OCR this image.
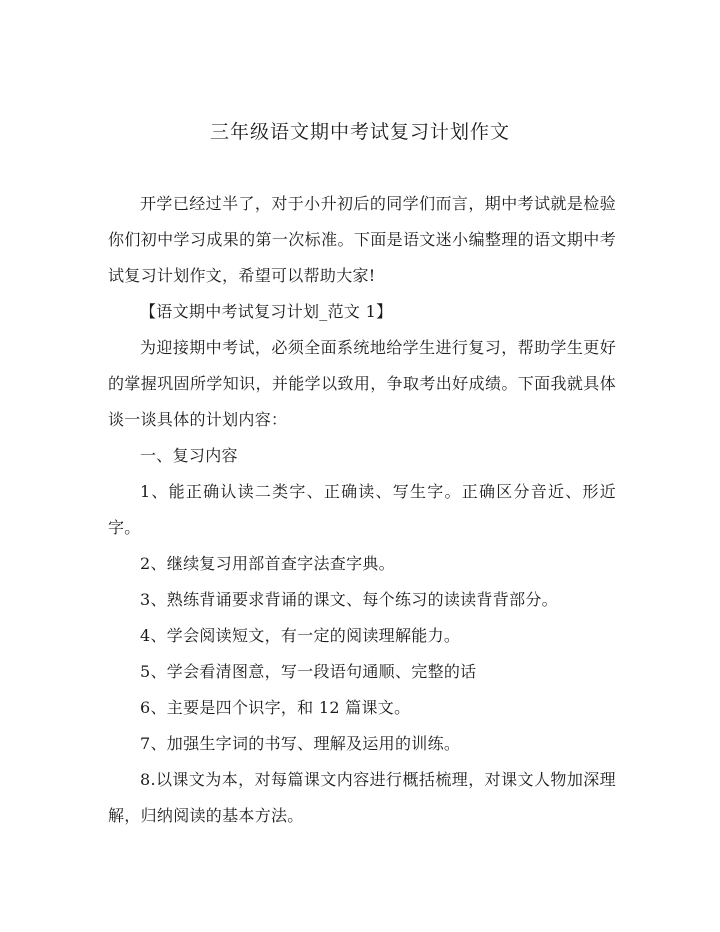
三年级语文期中考试复习计划作文

开学已经过半了，对于小升初后的同学们而言，期中考试就是检验你们初中学习成果的第一次标准。下面是语文迷小编整理的语文期中考试复习计划作文，希望可以帮助大家!

【语文期中考试复习计划_范文 1】

为迎接期中考试，必须全面系统地给学生进行复习，帮助学生更好的掌握巩固所学知识，并能学以致用，争取考出好成绩。下面我就具体谈一谈具体的计划内容：

一、复习内容

1、能正确认读二类字、正确读、写生字。正确区分音近、形近字。

2、继续复习用部首查字法查字典。

3、熟练背诵要求背诵的课文、每个练习的读读背背部分。

4、学会阅读短文，有一定的阅读理解能力。

5、学会看清图意，写一段语句通顺、完整的话

6、主要是四个识字，和 12 篇课文。

7、加强生字词的书写、理解及运用的训练。

8.以课文为本，对每篇课文内容进行概括梳理，对课文人物加深理解，归纳阅读的基本方法。
